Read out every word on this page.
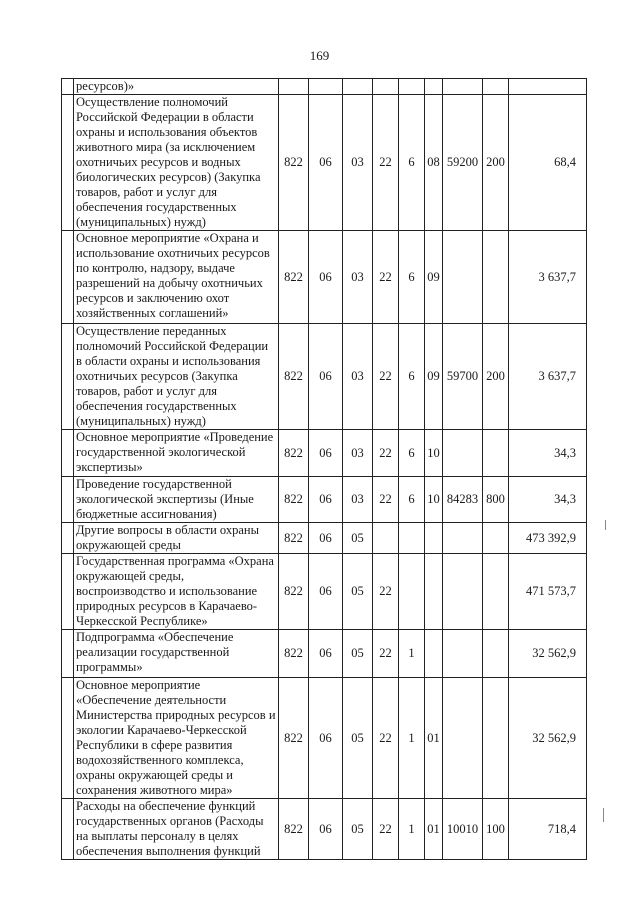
169
	ресурсов)»									
	Осуществление полномочий Российской Федерации в области охраны и использования объектов животного мира (за исключением охотничьих ресурсов и водных биологических ресурсов) (Закупка товаров, работ и услуг для обеспечения государственных (муниципальных) нужд)	822	06	03	22	6	08	59200	200	68,4
	Основное мероприятие «Охрана и использование охотничьих ресурсов по контролю, надзору, выдаче разрешений на добычу охотничьих ресурсов и заключению охот хозяйственных соглашений»	822	06	03	22	6	09			3 637,7
	Осуществление переданных полномочий Российской Федерации в области охраны и использования охотничьих ресурсов (Закупка товаров, работ и услуг для обеспечения государственных (муниципальных) нужд)	822	06	03	22	6	09	59700	200	3 637,7
	Основное мероприятие «Проведение государственной экологической экспертизы»	822	06	03	22	6	10			34,3
	Проведение государственной экологической экспертизы (Иные бюджетные ассигнования)	822	06	03	22	6	10	84283	800	34,3
	Другие вопросы в области охраны окружающей среды	822	06	05						473 392,9
	Государственная программа «Охрана окружающей среды, воспроизводство и использование природных ресурсов в Карачаево-Черкесской Республике»	822	06	05	22					471 573,7
	Подпрограмма «Обеспечение реализации государственной программы»	822	06	05	22	1				32 562,9
	Основное мероприятие «Обеспечение деятельности Министерства природных ресурсов и экологии Карачаево-Черкесской Республики в сфере развития водохозяйственного комплекса, охраны окружающей среды и сохранения животного мира»	822	06	05	22	1	01			32 562,9
	Расходы на обеспечение функций государственных органов (Расходы на выплаты персоналу в целях обеспечения выполнения функций	822	06	05	22	1	01	10010	100	718,4
